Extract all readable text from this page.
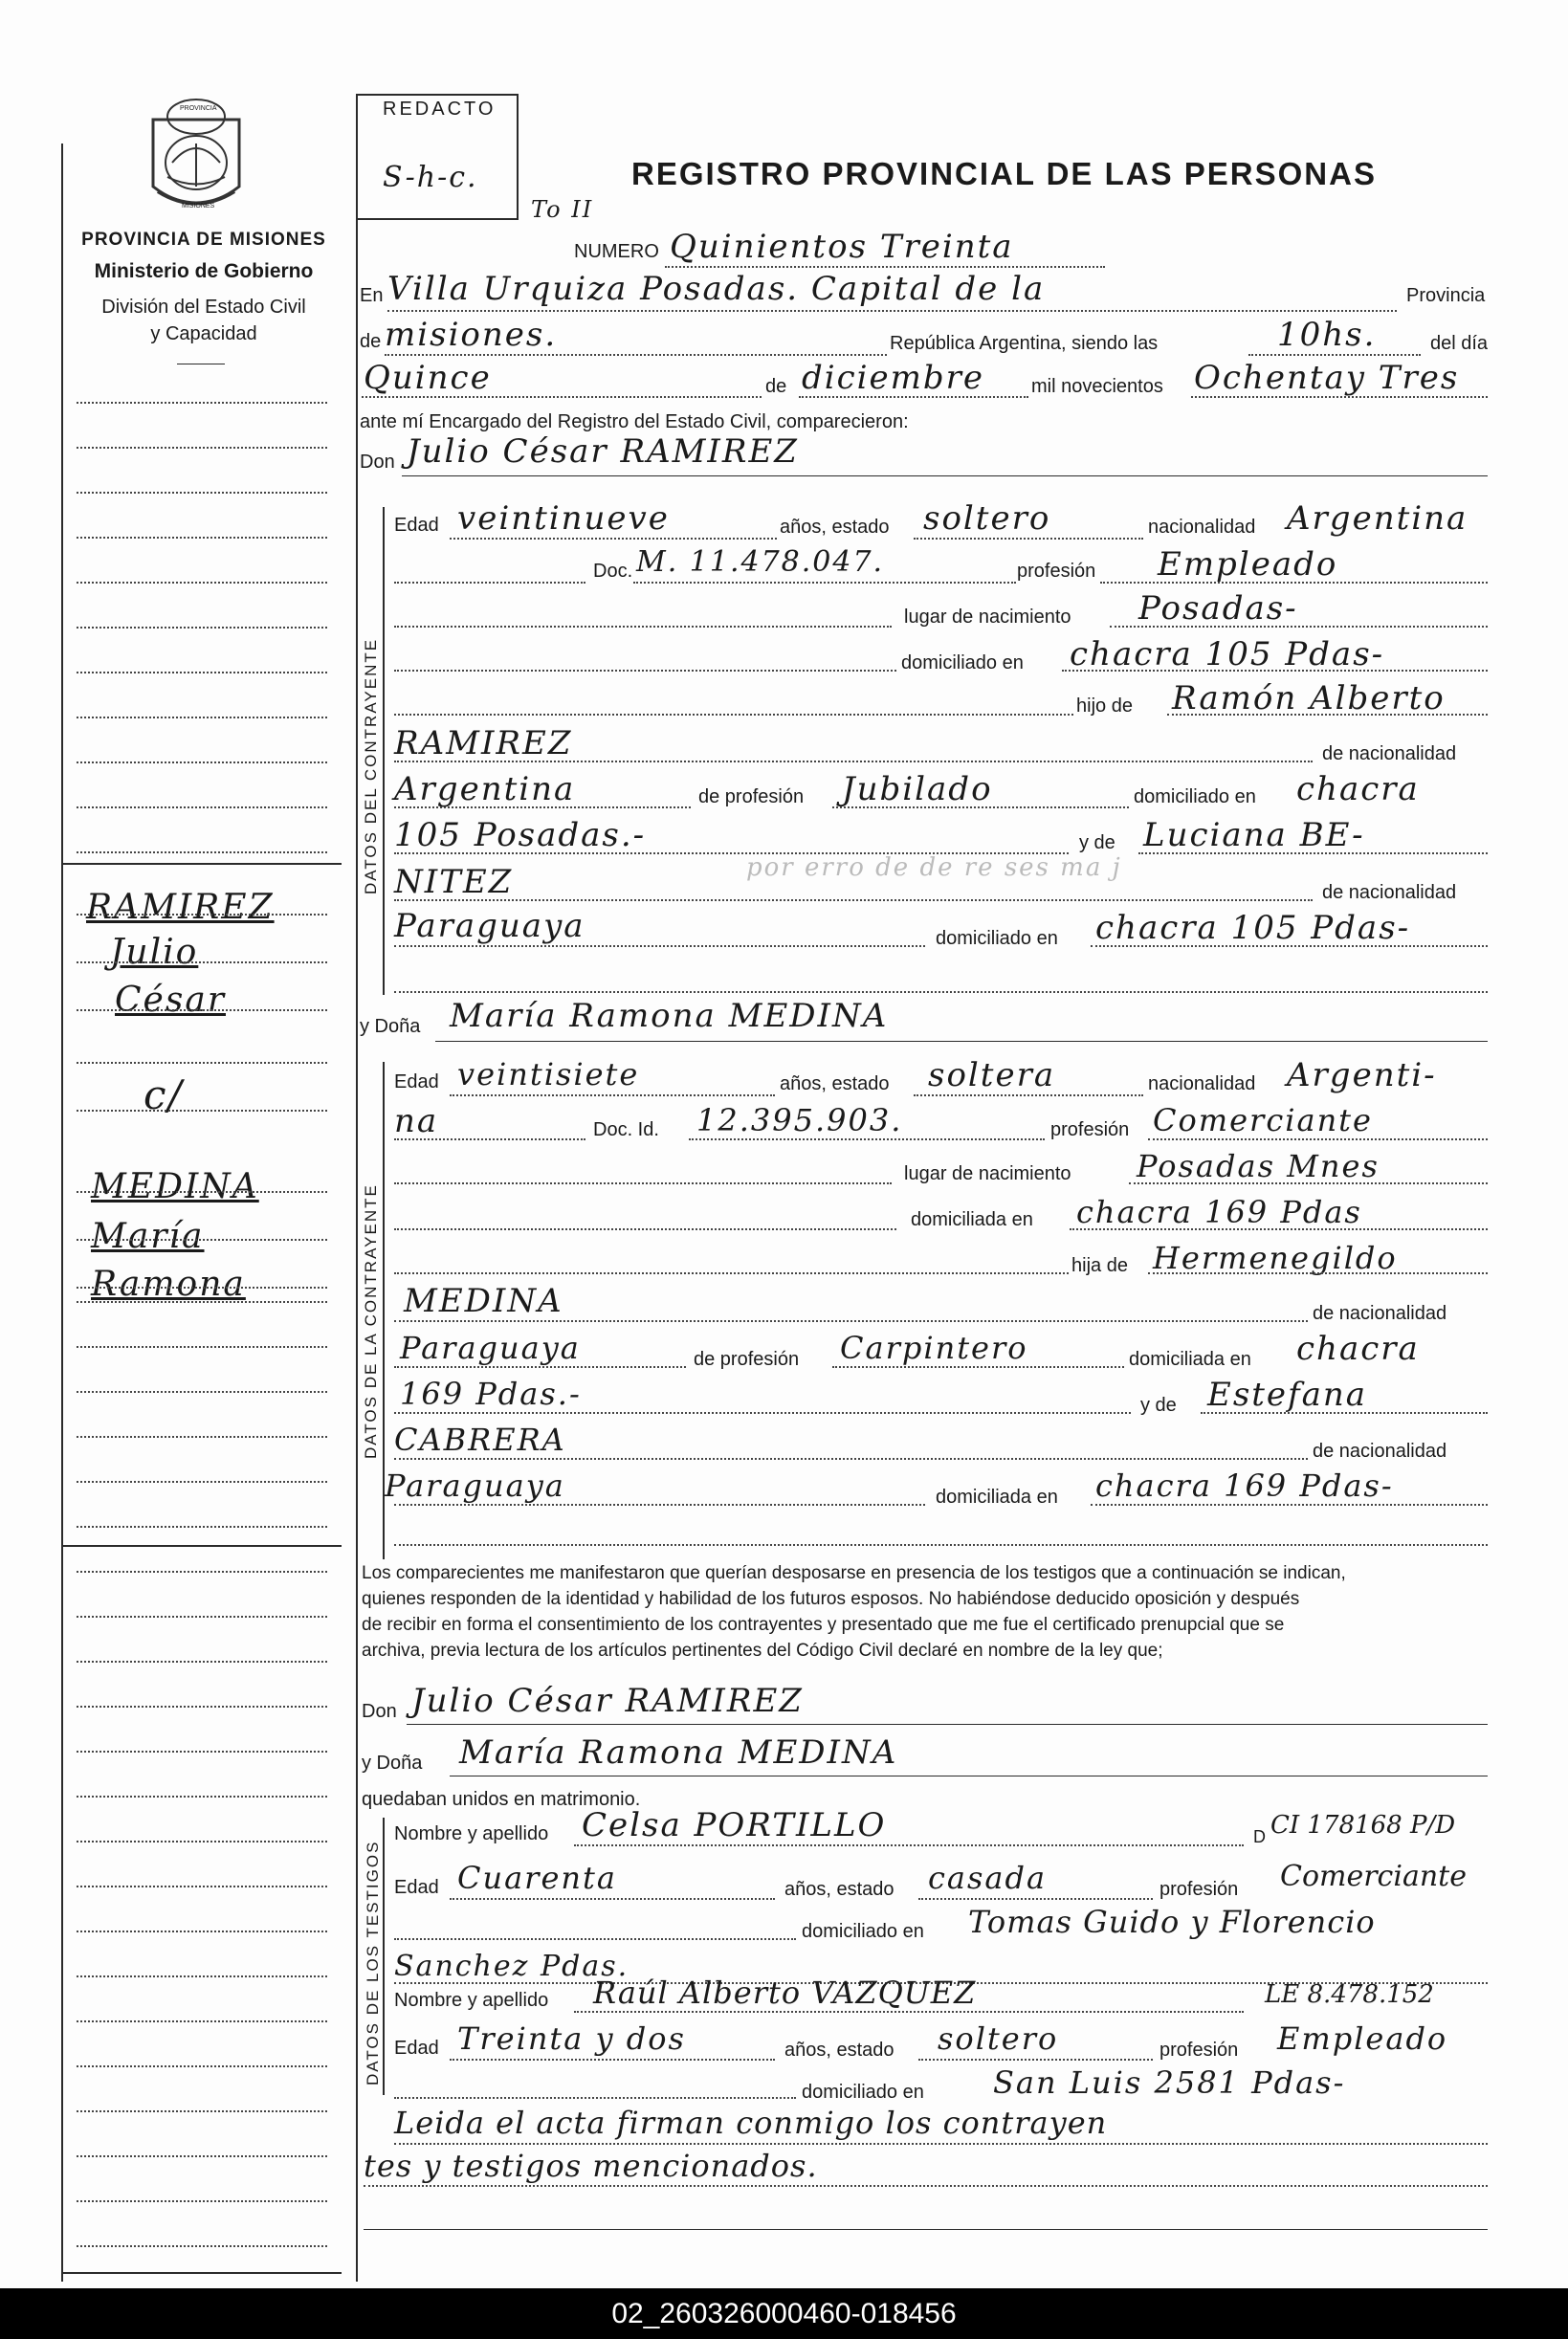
PROVINCIA
MISIONES
PROVINCIA DE MISIONES
Ministerio de Gobierno
División del Estado Civil
y Capacidad
RAMIREZ
Julio
César
c/
MEDINA
María
Ramona
REDACTO
S-h-c.
To II
REGISTRO PROVINCIAL DE LAS PERSONAS
NUMERO Quinientos Treinta
En Villa Urquiza Posadas. Capital de la	Provincia
de misiones.	República Argentina, siendo las	10hs.	del día
Quince	de diciembre mil novecientos Ochentay Tres
ante mí Encargado del Registro del Estado Civil, comparecieron:
Don Julio César RAMIREZ
DATOS DEL CONTRAYENTE
Edad veintinueve	años, estado soltero	nacionalidad Argentina
Doc. M. 11.478.047.	profesión Empleado
lugar de nacimiento Posadas-
domiciliado en chacra 105 Pdas-
hijo de Ramón Alberto
RAMIREZ	de nacionalidad
Argentina	de profesión Jubilado	domiciliado en chacra
105 Posadas.-	y de Luciana BE-
por erro de de re ses ma j
NITEZ	de nacionalidad
Paraguaya	domiciliado en chacra 105 Pdas-
y Doña María Ramona MEDINA
DATOS DE LA CONTRAYENTE
Edad veintisiete	años, estado soltera	nacionalidad Argenti-
na	Doc. Id. 12.395.903.	profesión Comerciante
lugar de nacimiento Posadas Mnes
domiciliada en chacra 169 Pdas
hija de Hermenegildo
MEDINA	de nacionalidad
Paraguaya	de profesión Carpintero	domiciliada en chacra
169 Pdas.-	y de Estefana
CABRERA	de nacionalidad
Paraguaya	domiciliada en chacra 169 Pdas-
Los comparecientes me manifestaron que querían desposarse en presencia de los testigos que a continuación se indican,
quienes responden de la identidad y habilidad de los futuros esposos. No habiéndose deducido oposición y después
de recibir en forma el consentimiento de los contrayentes y presentado que me fue el certificado prenupcial que se
archiva, previa lectura de los artículos pertinentes del Código Civil declaré en nombre de la ley que;
Don Julio César RAMIREZ
y Doña María Ramona MEDINA
quedaban unidos en matrimonio.
DATOS DE LOS TESTIGOS
Nombre y apellido Celsa PORTILLO	D CI 178168 P/D
Edad Cuarenta	años, estado casada	profesión Comerciante
domiciliado en Tomas Guido y Florencio
Sanchez Pdas.
Nombre y apellido Raúl Alberto VAZQUEZ	LE 8.478.152
Edad Treinta y dos	años, estado soltero	profesión Empleado
domiciliado en San Luis 2581 Pdas-
Leida el acta firman conmigo los contrayen
tes y testigos mencionados.
02_260326000460-018456
